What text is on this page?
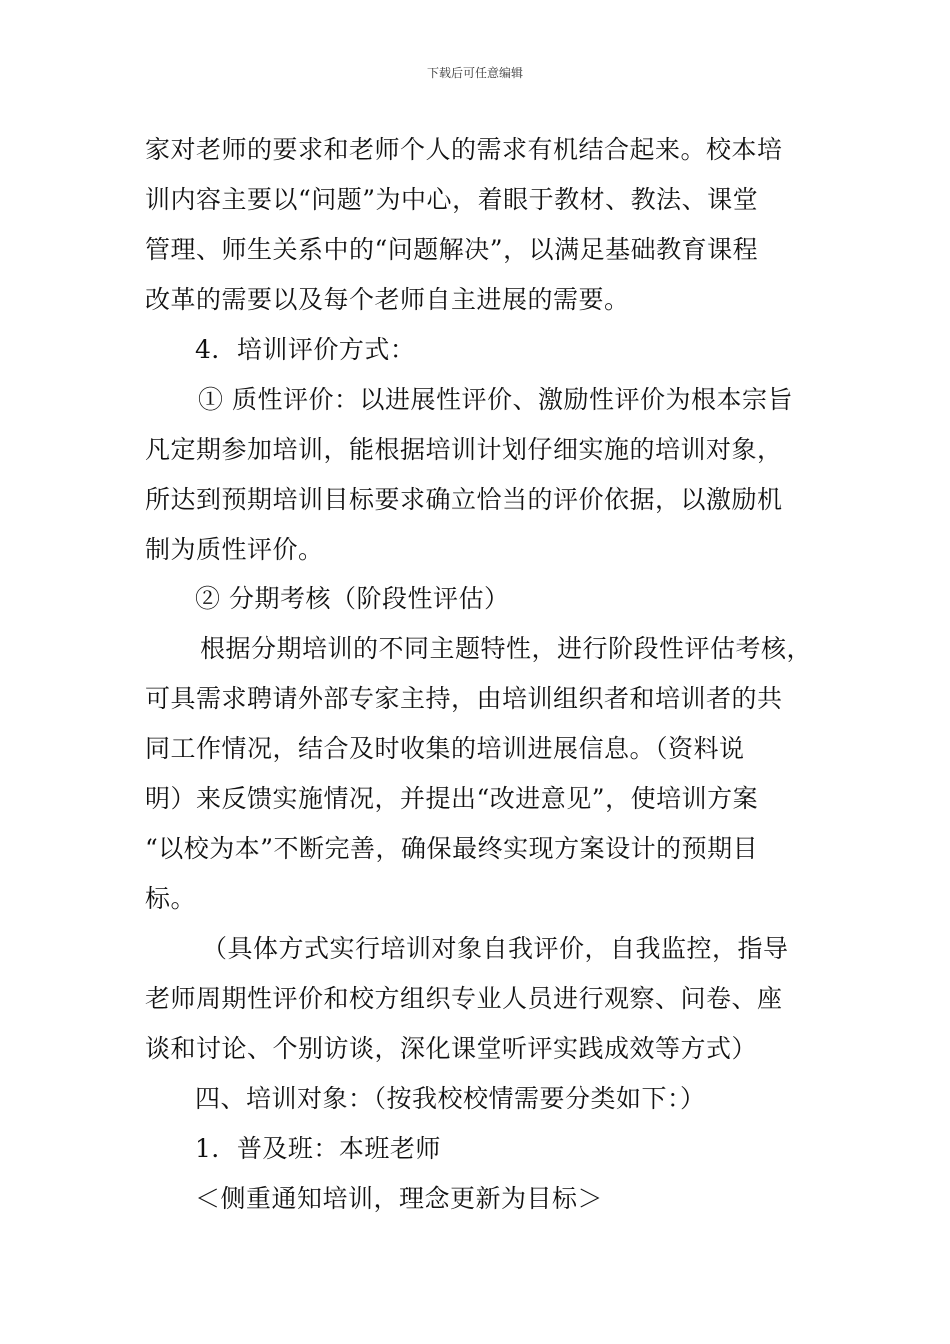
下载后可任意编辑
家对老师的要求和老师个人的需求有机结合起来。校本培
训内容主要以“问题”为中心，着眼于教材、教法、课堂
管理、师生关系中的“问题解决”，以满足基础教育课程
改革的需要以及每个老师自主进展的需要。
4．培训评价方式：
① 质性评价：以进展性评价、激励性评价为根本宗旨
凡定期参加培训，能根据培训计划仔细实施的培训对象，
所达到预期培训目标要求确立恰当的评价依据，以激励机
制为质性评价。
② 分期考核（阶段性评估）
根据分期培训的不同主题特性，进行阶段性评估考核，
可具需求聘请外部专家主持，由培训组织者和培训者的共
同工作情况，结合及时收集的培训进展信息。（资料说
明）来反馈实施情况，并提出“改进意见”，使培训方案
“以校为本”不断完善，确保最终实现方案设计的预期目
标。
（具体方式实行培训对象自我评价，自我监控，指导
老师周期性评价和校方组织专业人员进行观察、问卷、座
谈和讨论、个别访谈，深化课堂听评实践成效等方式）
四、培训对象：（按我校校情需要分类如下：）
1．普及班：本班老师
＜侧重通知培训，理念更新为目标＞
